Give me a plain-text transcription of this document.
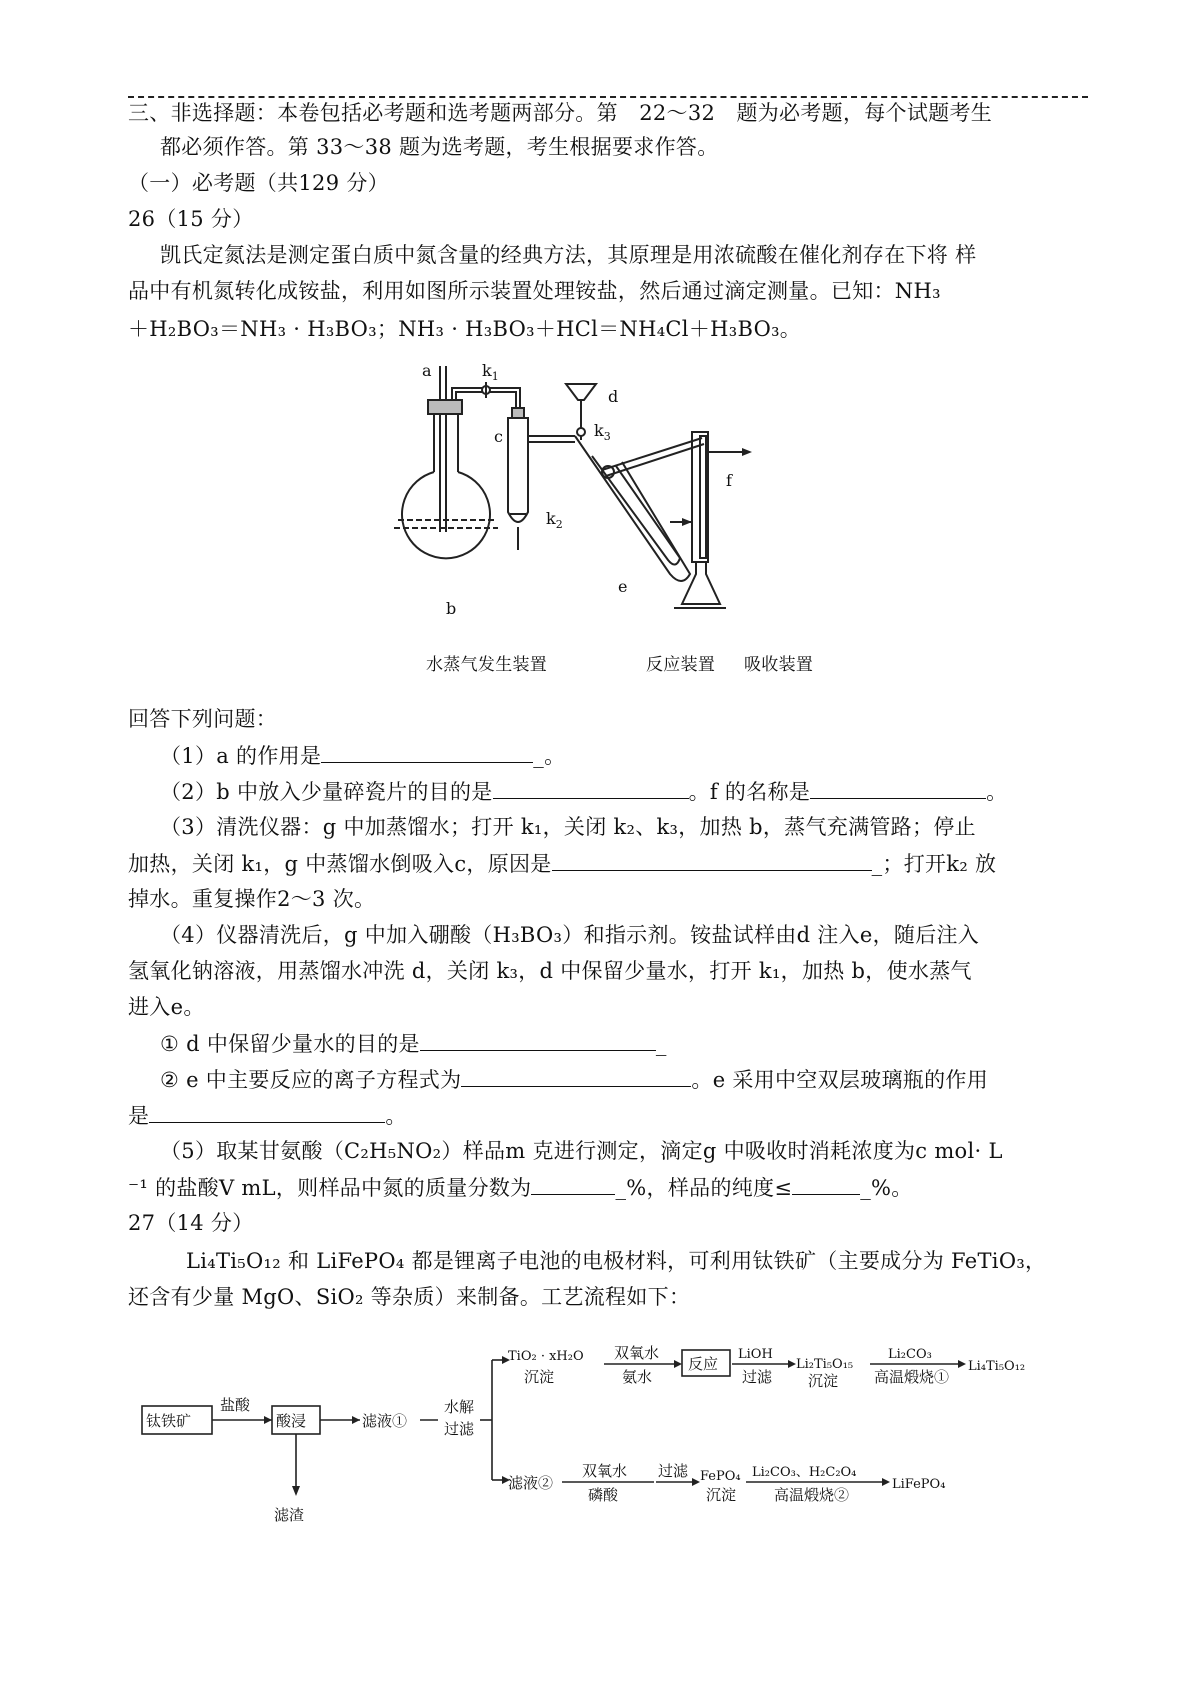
三、非选择题：本卷包括必考题和选考题两部分。第　22～32　题为必考题，每个试题考生
都必须作答。第 33～38 题为选考题，考生根据要求作答。
（一）必考题（共129 分）
26（15 分）
凯氏定氮法是测定蛋白质中氮含量的经典方法，其原理是用浓硫酸在催化剂存在下将 样
品中有机氮转化成铵盐，利用如图所示装置处理铵盐，然后通过滴定测量。已知：NH₃
＋H₂BO₃＝NH₃ · H₃BO₃；NH₃ · H₃BO₃＋HCl＝NH₄Cl＋H₃BO₃。
a	$k_1$
b
c
$k_2$
d
$k_3$
e
f
水蒸气发生装置	反应装置 吸收装置
回答下列问题：
（1）a 的作用是	_。
（2）b 中放入少量碎瓷片的目的是	。f 的名称是	。
（3）清洗仪器：g 中加蒸馏水；打开 k₁，关闭 k₂、k₃，加热 b，蒸气充满管路；停止
加热，关闭 k₁，g 中蒸馏水倒吸入c，原因是	_；打开k₂ 放
掉水。重复操作2～3 次。
（4）仪器清洗后，g 中加入硼酸（H₃BO₃）和指示剂。铵盐试样由d 注入e，随后注入
氢氧化钠溶液，用蒸馏水冲洗 d，关闭 k₃，d 中保留少量水，打开 k₁，加热 b，使水蒸气
进入e。
① d 中保留少量水的目的是	_
② e 中主要反应的离子方程式为	。e 采用中空双层玻璃瓶的作用
是	。
（5）取某甘氨酸（C₂H₅NO₂）样品m 克进行测定，滴定g 中吸收时消耗浓度为c mol· L
⁻¹ 的盐酸V mL，则样品中氮的质量分数为	_%，样品的纯度≤	_%。
27（14 分）
Li₄Ti₅O₁₂ 和 LiFePO₄ 都是锂离子电池的电极材料，可利用钛铁矿（主要成分为 FeTiO₃，
还含有少量 MgO、SiO₂ 等杂质）来制备。工艺流程如下：
钛铁矿
盐酸
酸浸
滤渣
滤液①
水解
过滤
TiO₂ · xH₂O
沉淀
双氧水
氨水
反应
LiOH
过滤
Li₂Ti₅O₁₅
沉淀
Li₂CO₃
高温煅烧①
Li₄Ti₅O₁₂
滤液②
双氧水
磷酸
过滤 FePO₄
沉淀
Li₂CO₃、H₂C₂O₄
高温煅烧②
LiFePO₄
